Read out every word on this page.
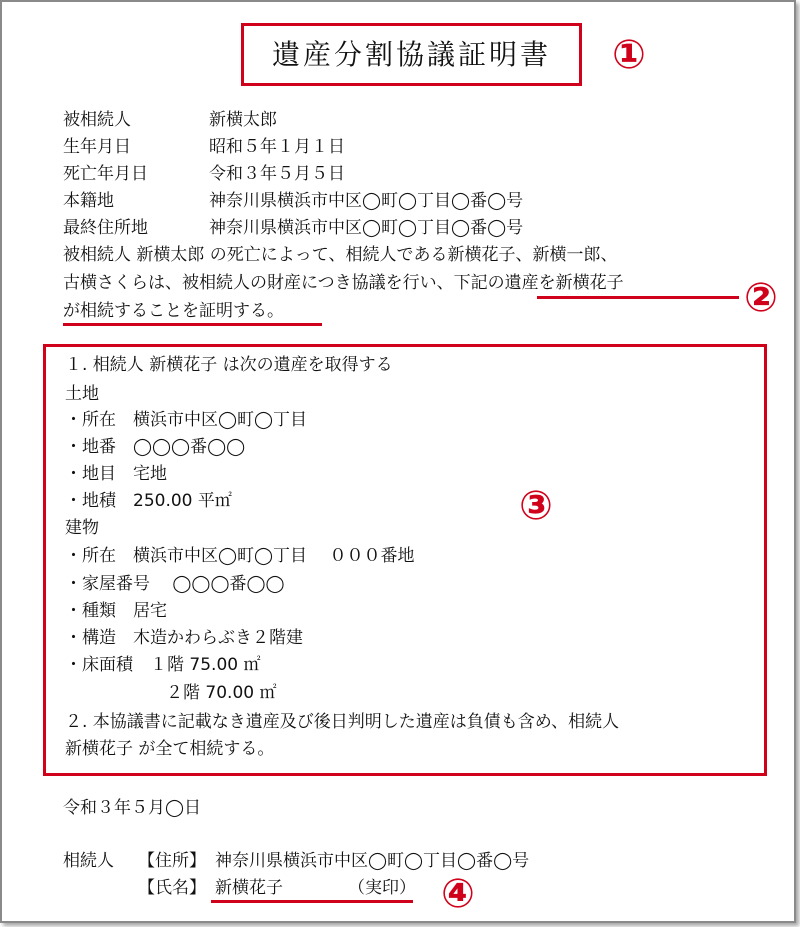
遺産分割協議証明書	①
被相続人	新横太郎
生年月日	昭和５年１月１日
死亡年月日	令和３年５月５日
本籍地	神奈川県横浜市中区◯町◯丁目◯番◯号
最終住所地	神奈川県横浜市中区◯町◯丁目◯番◯号
被相続人 新横太郎 の死亡によって、相続人である新横花子、新横一郎、
古横さくらは、被相続人の財産につき協議を行い、下記の遺産を新横花子
が相続することを証明する。	②
③
１. 相続人 新横花子 は次の遺産を取得する
土地
・所在　横浜市中区◯町◯丁目
・地番　◯◯◯番◯◯
・地目　宅地
・地積　250.00 平㎡
建物
・所在　横浜市中区◯町◯丁目　 ０００番地
・家屋番号　 ◯◯◯番◯◯
・種類　居宅
・構造　木造かわらぶき２階建
・床面積　１階 75.00 ㎡
２階 70.00 ㎡
２. 本協議書に記載なき遺産及び後日判明した遺産は負債も含め、相続人
新横花子 が全て相続する。
令和３年５月◯日
相続人 【住所】 神奈川県横浜市中区◯町◯丁目◯番◯号
【氏名】 新横花子	（実印） ④
